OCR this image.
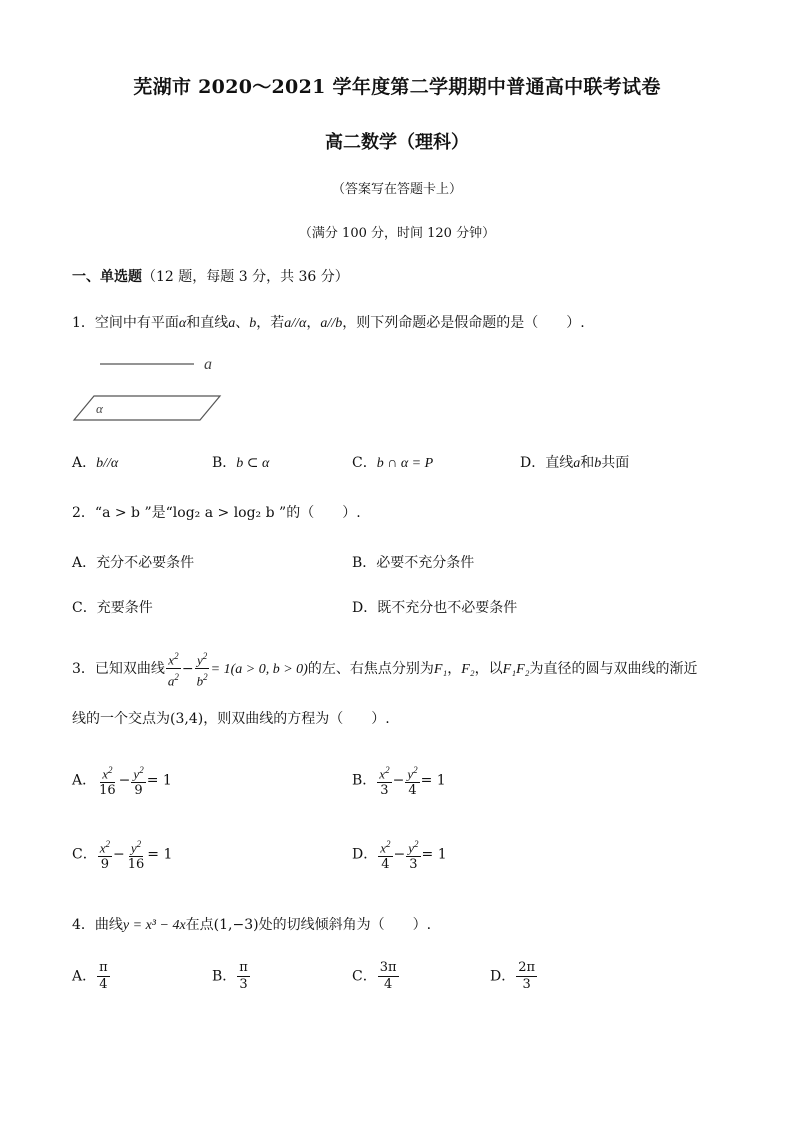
芜湖市 2020～2021 学年度第二学期期中普通高中联考试卷
高二数学（理科）
（答案写在答题卡上）
（满分 100 分，时间 120 分钟）
一、单选题（12 题，每题 3 分，共 36 分）
1．空间中有平面α和直线a、b，若a//α，a//b，则下列命题必是假命题的是（　　）.
a
α
A．b//α	B．b ⊂ α	C．b ∩ α = P	D．直线a和b共面
2．“a > b ”是“log₂ a > log₂ b ”的（　　）.
A．充分不必要条件	B．必要不充分条件
C．充要条件	D．既不充分也不必要条件
3．已知双曲线 $\frac{x^2}{a^2} - \frac{y^2}{b^2} = 1(a > 0$, b > 0)的左、右焦点分别为F₁，F₂，以F₁F₂为直径的圆与双曲线的渐近
线的一个交点为(3,4)，则双曲线的方程为（　　）.
A． $\frac{x^2}{16} - \frac{y^2}{9} = 1$	B． $\frac{x^2}{3} - \frac{y^2}{4} = 1$
C． $\frac{x^2}{9} - \frac{y^2}{16} = 1$	D． $\frac{x^2}{4} - \frac{y^2}{3} = 1$
4．曲线y = x³ − 4x在点(1,−3)处的切线倾斜角为（　　）.
A． $\frac{\pi}{4}$	B． $\frac{\pi}{3}$	C． $\frac{3\pi}{4}$	D． $\frac{2\pi}{3}$
